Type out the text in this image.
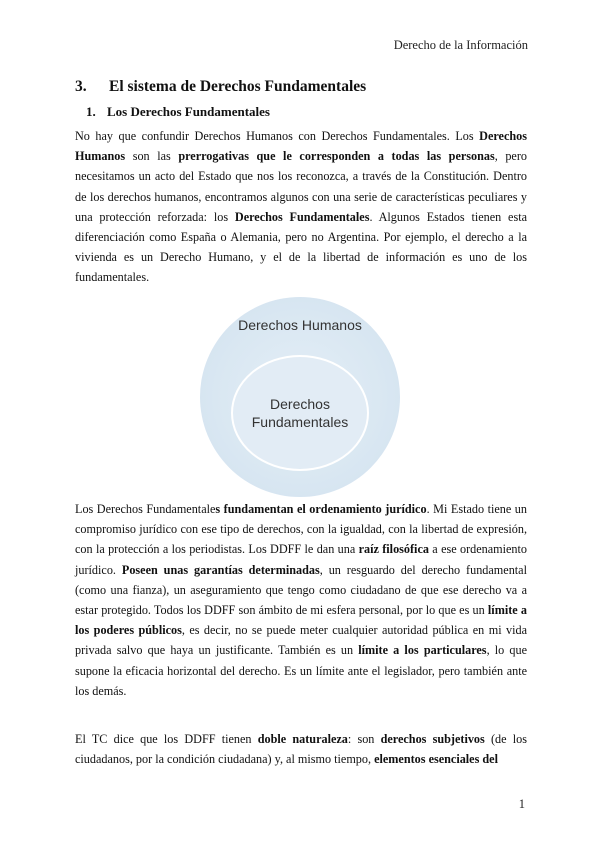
Derecho de la Información
3. El sistema de Derechos Fundamentales
1. Los Derechos Fundamentales

No hay que confundir Derechos Humanos con Derechos Fundamentales. Los Derechos Humanos son las prerrogativas que le corresponden a todas las personas, pero necesitamos un acto del Estado que nos los reconozca, a través de la Constitución. Dentro de los derechos humanos, encontramos algunos con una serie de características peculiares y una protección reforzada: los Derechos Fundamentales. Algunos Estados tienen esta diferenciación como España o Alemania, pero no Argentina. Por ejemplo, el derecho a la vivienda es un Derecho Humano, y el de la libertad de información es uno de los fundamentales.

Derechos Humanos
Derechos Fundamentales

Los Derechos Fundamentales fundamentan el ordenamiento jurídico. Mi Estado tiene un compromiso jurídico con ese tipo de derechos, con la igualdad, con la libertad de expresión, con la protección a los periodistas. Los DDFF le dan una raíz filosófica a ese ordenamiento jurídico. Poseen unas garantías determinadas, un resguardo del derecho fundamental (como una fianza), un aseguramiento que tengo como ciudadano de que ese derecho va a estar protegido. Todos los DDFF son ámbito de mi esfera personal, por lo que es un límite a los poderes públicos, es decir, no se puede meter cualquier autoridad pública en mi vida privada salvo que haya un justificante. También es un límite a los particulares, lo que supone la eficacia horizontal del derecho. Es un límite ante el legislador, pero también ante los demás.

El TC dice que los DDFF tienen doble naturaleza: son derechos subjetivos (de los ciudadanos, por la condición ciudadana) y, al mismo tiempo, elementos esenciales del

1
